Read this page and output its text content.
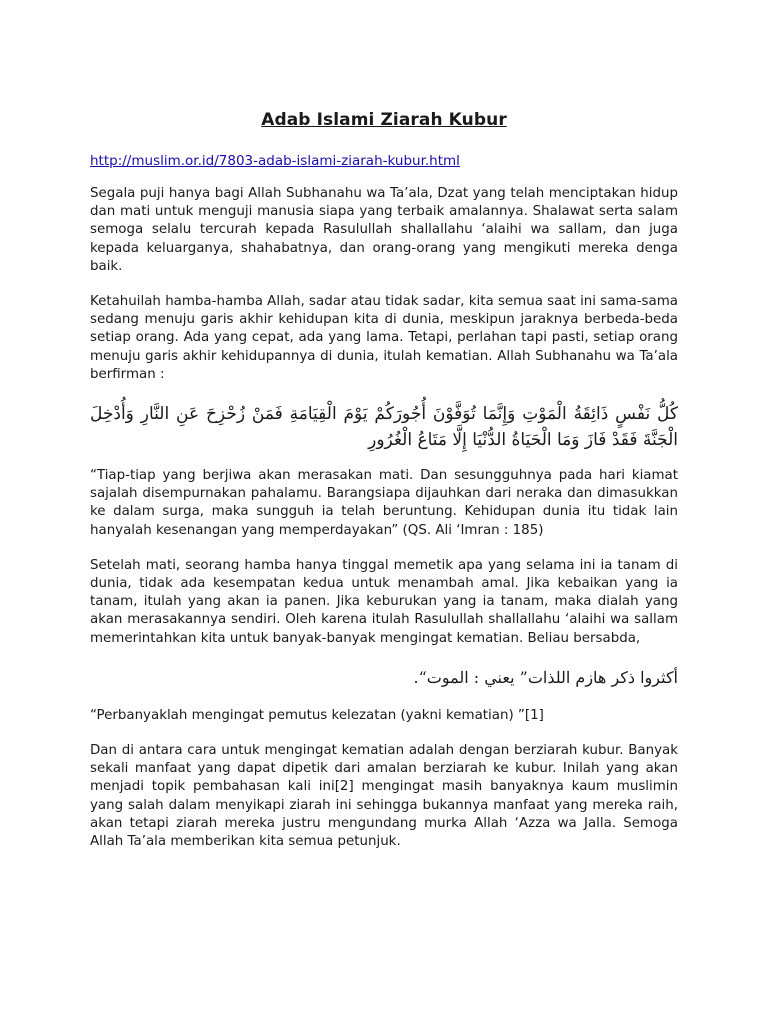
Adab Islami Ziarah Kubur
http://muslim.or.id/7803-adab-islami-ziarah-kubur.html

Segala puji hanya bagi Allah Subhanahu wa Ta’ala, Dzat yang telah menciptakan hidup dan mati untuk menguji manusia siapa yang terbaik amalannya. Shalawat serta salam semoga selalu tercurah kepada Rasulullah shallallahu ‘alaihi wa sallam, dan juga kepada keluarganya, shahabatnya, dan orang-orang yang mengikuti mereka denga baik.

Ketahuilah hamba-hamba Allah, sadar atau tidak sadar, kita semua saat ini sama-sama sedang menuju garis akhir kehidupan kita di dunia, meskipun jaraknya berbeda-beda setiap orang. Ada yang cepat, ada yang lama. Tetapi, perlahan tapi pasti, setiap orang menuju garis akhir kehidupannya di dunia, itulah kematian. Allah Subhanahu wa Ta’ala berfirman :

كُلُّ نَفْسٍ ذَائِقَةُ الْمَوْتِ وَإِنَّمَا تُوَفَّوْنَ أُجُورَكُمْ يَوْمَ الْقِيَامَةِ فَمَنْ زُحْزِحَ عَنِ النَّارِ وَأُدْخِلَ الْجَنَّةَ فَقَدْ فَازَ وَمَا الْحَيَاةُ الدُّنْيَا إِلَّا مَتَاعُ الْغُرُورِ

“Tiap-tiap yang berjiwa akan merasakan mati. Dan sesungguhnya pada hari kiamat sajalah disempurnakan pahalamu. Barangsiapa dijauhkan dari neraka dan dimasukkan ke dalam surga, maka sungguh ia telah beruntung. Kehidupan dunia itu tidak lain hanyalah kesenangan yang memperdayakan” (QS. Ali ‘Imran : 185)

Setelah mati, seorang hamba hanya tinggal memetik apa yang selama ini ia tanam di dunia, tidak ada kesempatan kedua untuk menambah amal. Jika kebaikan yang ia tanam, itulah yang akan ia panen. Jika keburukan yang ia tanam, maka dialah yang akan merasakannya sendiri. Oleh karena itulah Rasulullah shallallahu ‘alaihi wa sallam memerintahkan kita untuk banyak-banyak mengingat kematian. Beliau bersabda,

أكثروا ذكر هازم اللذات” يعني : الموت“.

“Perbanyaklah mengingat pemutus kelezatan (yakni kematian) ”[1]

Dan di antara cara untuk mengingat kematian adalah dengan berziarah kubur. Banyak sekali manfaat yang dapat dipetik dari amalan berziarah ke kubur. Inilah yang akan menjadi topik pembahasan kali ini[2] mengingat masih banyaknya kaum muslimin yang salah dalam menyikapi ziarah ini sehingga bukannya manfaat yang mereka raih, akan tetapi ziarah mereka justru mengundang murka Allah ‘Azza wa Jalla. Semoga Allah Ta’ala memberikan kita semua petunjuk.
